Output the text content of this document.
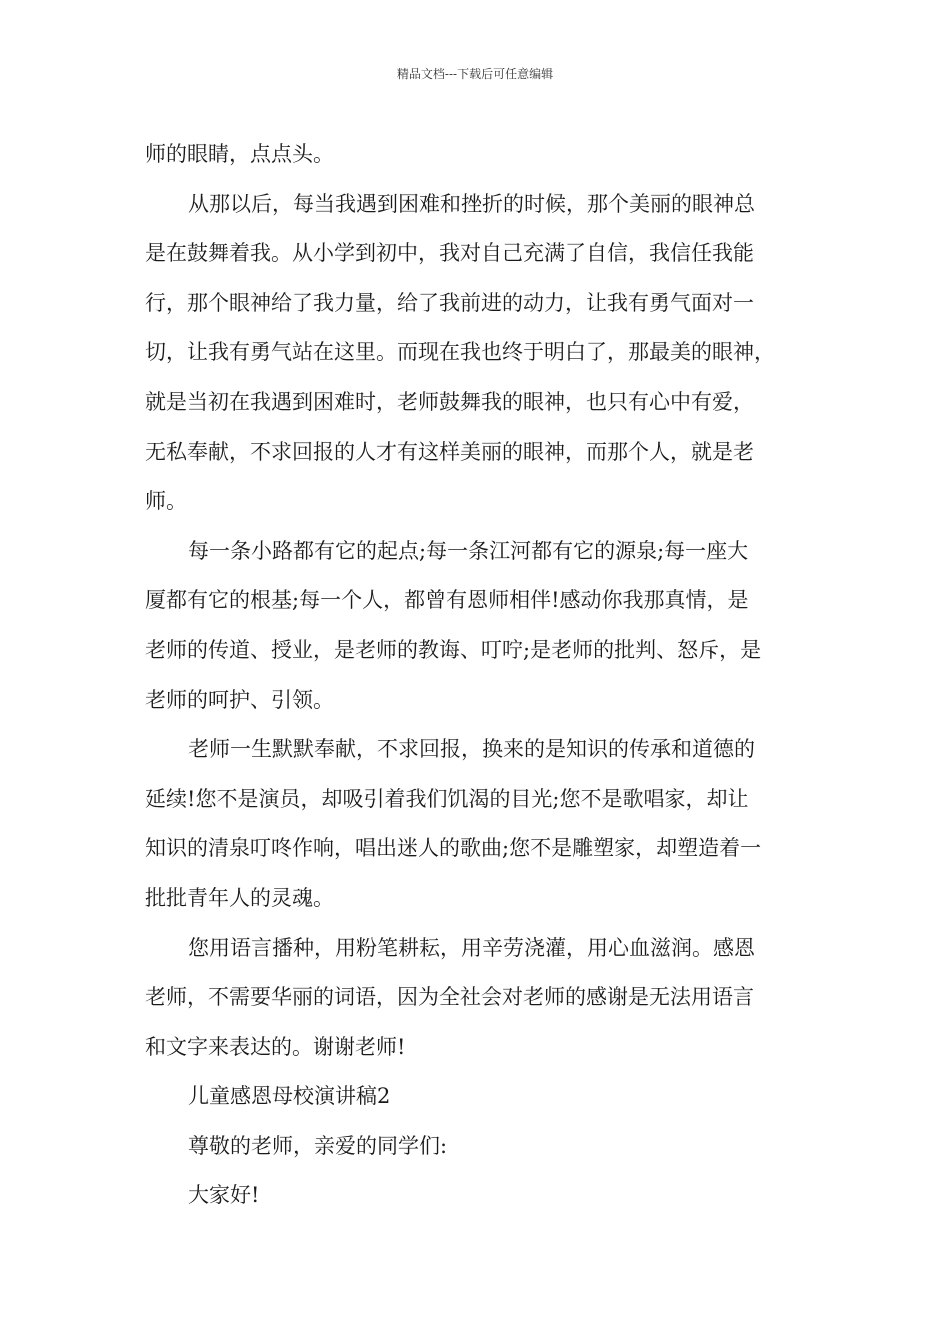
精品文档---下载后可任意编辑
师的眼睛，点点头。
从那以后，每当我遇到困难和挫折的时候，那个美丽的眼神总
是在鼓舞着我。从小学到初中，我对自己充满了自信，我信任我能
行，那个眼神给了我力量，给了我前进的动力，让我有勇气面对一
切，让我有勇气站在这里。而现在我也终于明白了，那最美的眼神，
就是当初在我遇到困难时，老师鼓舞我的眼神，也只有心中有爱，
无私奉献，不求回报的人才有这样美丽的眼神，而那个人，就是老
师。
每一条小路都有它的起点;每一条江河都有它的源泉;每一座大
厦都有它的根基;每一个人，都曾有恩师相伴!感动你我那真情，是
老师的传道、授业，是老师的教诲、叮咛;是老师的批判、怒斥，是
老师的呵护、引领。
老师一生默默奉献，不求回报，换来的是知识的传承和道德的
延续!您不是演员，却吸引着我们饥渴的目光;您不是歌唱家，却让
知识的清泉叮咚作响，唱出迷人的歌曲;您不是雕塑家，却塑造着一
批批青年人的灵魂。
您用语言播种，用粉笔耕耘，用辛劳浇灌，用心血滋润。感恩
老师，不需要华丽的词语，因为全社会对老师的感谢是无法用语言
和文字来表达的。谢谢老师!
儿童感恩母校演讲稿2
尊敬的老师，亲爱的同学们:
大家好!
